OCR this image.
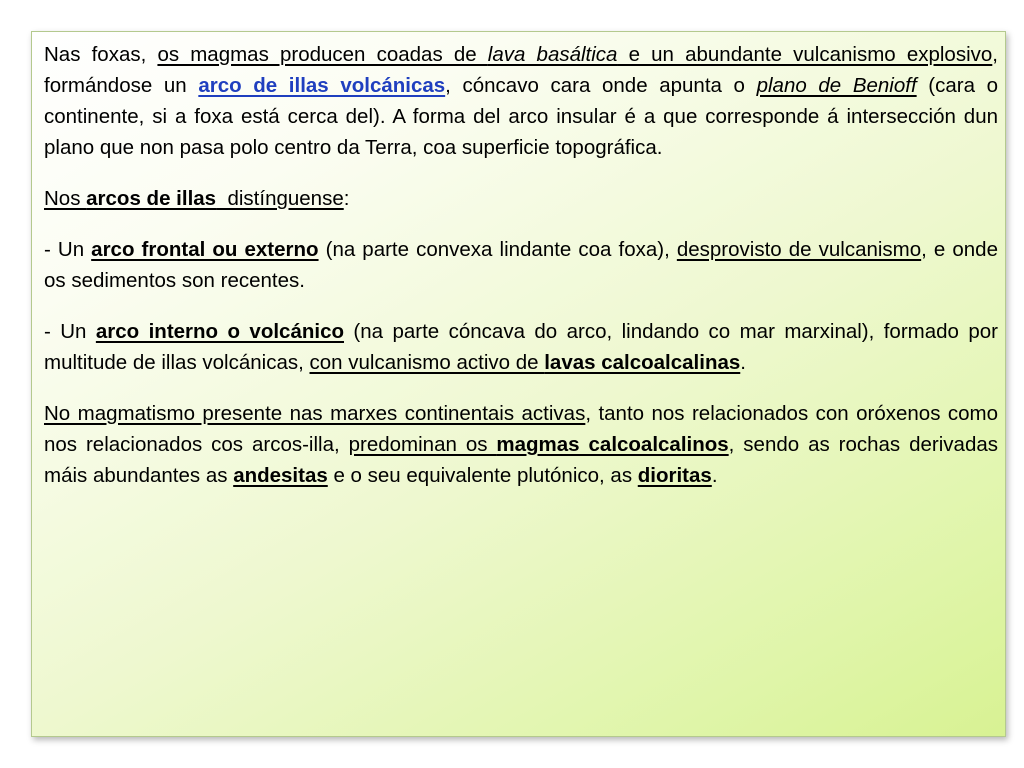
Nas foxas, os magmas producen coadas de lava basáltica e un abundante vulcanismo explosivo, formándose un arco de illas volcánicas, cóncavo cara onde apunta o plano de Benioff (cara o continente, si a foxa está cerca del). A forma del arco insular é a que corresponde á intersección dun plano que non pasa polo centro da Terra, coa superficie topográfica.

Nos arcos de illas  distínguense:

- Un arco frontal ou externo (na parte convexa lindante coa foxa), desprovisto de vulcanismo, e onde os sedimentos son recentes.

- Un arco interno o volcánico (na parte cóncava do arco, lindando co mar marxinal), formado por multitude de illas volcánicas, con vulcanismo activo de lavas calcoalcalinas.

No magmatismo presente nas marxes continentais activas, tanto nos relacionados con oróxenos como nos relacionados cos arcos-illa, predominan os magmas calcoalcalinos, sendo as rochas derivadas máis abundantes as andesitas e o seu equivalente plutónico, as dioritas.
